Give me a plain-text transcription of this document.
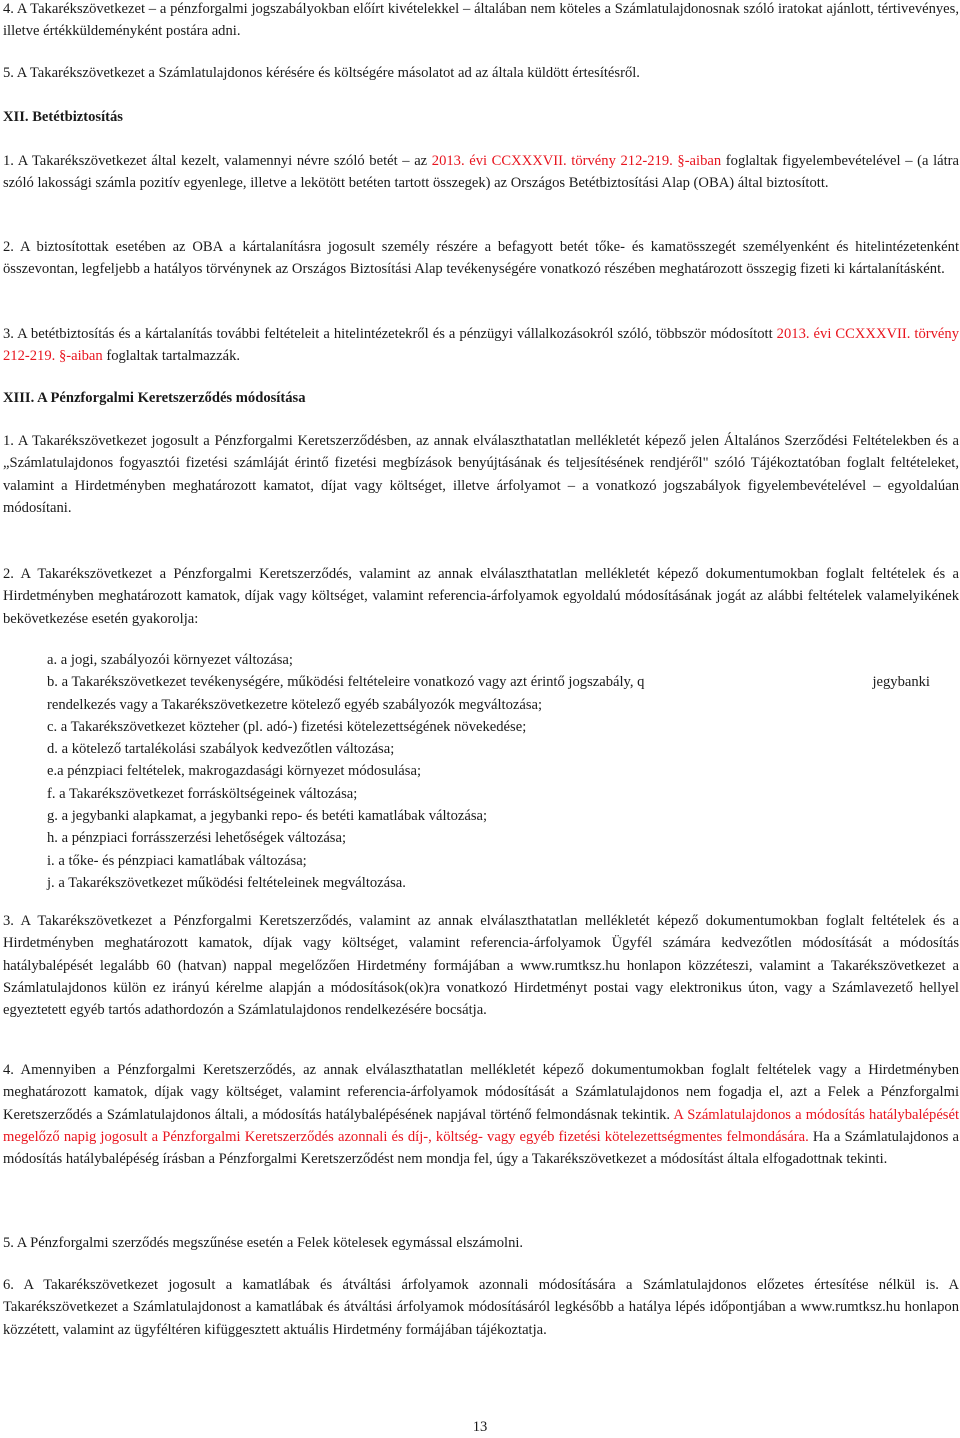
4. A Takarékszövetkezet – a pénzforgalmi jogszabályokban előírt kivételekkel – általában nem köteles a Számlatulajdonosnak szóló iratokat ajánlott, tértivevényes, illetve értékküldeményként postára adni.
5. A Takarékszövetkezet a Számlatulajdonos kérésére és költségére másolatot ad az általa küldött értesítésről.
XII. Betétbiztosítás
1. A Takarékszövetkezet által kezelt, valamennyi névre szóló betét – az 2013. évi CCXXXVII. törvény 212-219. §-aiban foglaltak figyelembevételével – (a látra szóló lakossági számla pozitív egyenlege, illetve a lekötött betéten tartott összegek) az Országos Betétbiztosítási Alap (OBA) által biztosított.
2. A biztosítottak esetében az OBA a kártalanításra jogosult személy részére a befagyott betét tőke- és kamatösszegét személyenként és hitelintézetenként összevontan, legfeljebb a hatályos törvénynek az Országos Biztosítási Alap tevékenységére vonatkozó részében meghatározott összegig fizeti ki kártalanításként.
3. A betétbiztosítás és a kártalanítás további feltételeit a hitelintézetekről és a pénzügyi vállalkozásokról szóló, többször módosított 2013. évi CCXXXVII. törvény 212-219. §-aiban foglaltak tartalmazzák.
XIII. A Pénzforgalmi Keretszerződés módosítása
1. A Takarékszövetkezet jogosult a Pénzforgalmi Keretszerződésben, az annak elválaszthatatlan mellékletét képező jelen Általános Szerződési Feltételekben és a „Számlatulajdonos fogyasztói fizetési számláját érintő fizetési megbízások benyújtásának és teljesítésének rendjéről" szóló Tájékoztatóban foglalt feltételeket, valamint a Hirdetményben meghatározott kamatot, díjat vagy költséget, illetve árfolyamot – a vonatkozó jogszabályok figyelembevételével – egyoldalúan módosítani.
2. A Takarékszövetkezet a Pénzforgalmi Keretszerződés, valamint az annak elválaszthatatlan mellékletét képező dokumentumokban foglalt feltételek és a Hirdetményben meghatározott kamatok, díjak vagy költséget, valamint referencia-árfolyamok egyoldalú módosításának jogát az alábbi feltételek valamelyikének bekövetkezése esetén gyakorolja:
a. a jogi, szabályozói környezet változása;
b. a Takarékszövetkezet tevékenységére, működési feltételeire vonatkozó vagy azt érintő jogszabály, q	jegybanki
rendelkezés vagy a Takarékszövetkezetre kötelező egyéb szabályozók megváltozása;
c. a Takarékszövetkezet közteher (pl. adó-) fizetési kötelezettségének növekedése;
d. a kötelező tartalékolási szabályok kedvezőtlen változása;
e.a pénzpiaci feltételek, makrogazdasági környezet módosulása;
f. a Takarékszövetkezet forrásköltségeinek változása;
g. a jegybanki alapkamat, a jegybanki repo- és betéti kamatlábak változása;
h. a pénzpiaci forrásszerzési lehetőségek változása;
i. a tőke- és pénzpiaci kamatlábak változása;
j. a Takarékszövetkezet működési feltételeinek megváltozása.
3. A Takarékszövetkezet a Pénzforgalmi Keretszerződés, valamint az annak elválaszthatatlan mellékletét képező dokumentumokban foglalt feltételek és a Hirdetményben meghatározott kamatok, díjak vagy költséget, valamint referencia-árfolyamok Ügyfél számára kedvezőtlen módosítását a módosítás hatálybalépését legalább 60 (hatvan) nappal megelőzően Hirdetmény formájában a www.rumtksz.hu honlapon közzéteszi, valamint a Takarékszövetkezet a Számlatulajdonos külön ez irányú kérelme alapján a módosítások(ok)ra vonatkozó Hirdetményt postai vagy elektronikus úton, vagy a Számlavezető hellyel egyeztetett egyéb tartós adathordozón a Számlatulajdonos rendelkezésére bocsátja.
4. Amennyiben a Pénzforgalmi Keretszerződés, az annak elválaszthatatlan mellékletét képező dokumentumokban foglalt feltételek vagy a Hirdetményben meghatározott kamatok, díjak vagy költséget, valamint referencia-árfolyamok módosítását a Számlatulajdonos nem fogadja el, azt a Felek a Pénzforgalmi Keretszerződés a Számlatulajdonos általi, a módosítás hatálybalépésének napjával történő felmondásnak tekintik. A Számlatulajdonos a módosítás hatálybalépését megelőző napig jogosult a Pénzforgalmi Keretszerződés azonnali és díj-, költség- vagy egyéb fizetési kötelezettségmentes felmondására. Ha a Számlatulajdonos a módosítás hatálybalépéség írásban a Pénzforgalmi Keretszerződést nem mondja fel, úgy a Takarékszövetkezet a módosítást általa elfogadottnak tekinti.
5. A Pénzforgalmi szerződés megszűnése esetén a Felek kötelesek egymással elszámolni.
6. A Takarékszövetkezet jogosult a kamatlábak és átváltási árfolyamok azonnali módosítására a Számlatulajdonos előzetes értesítése nélkül is. A Takarékszövetkezet a Számlatulajdonost a kamatlábak és átváltási árfolyamok módosításáról legkésőbb a hatálya lépés időpontjában a www.rumtksz.hu honlapon közzétett, valamint az ügyféltéren kifüggesztett aktuális Hirdetmény formájában tájékoztatja.
13
